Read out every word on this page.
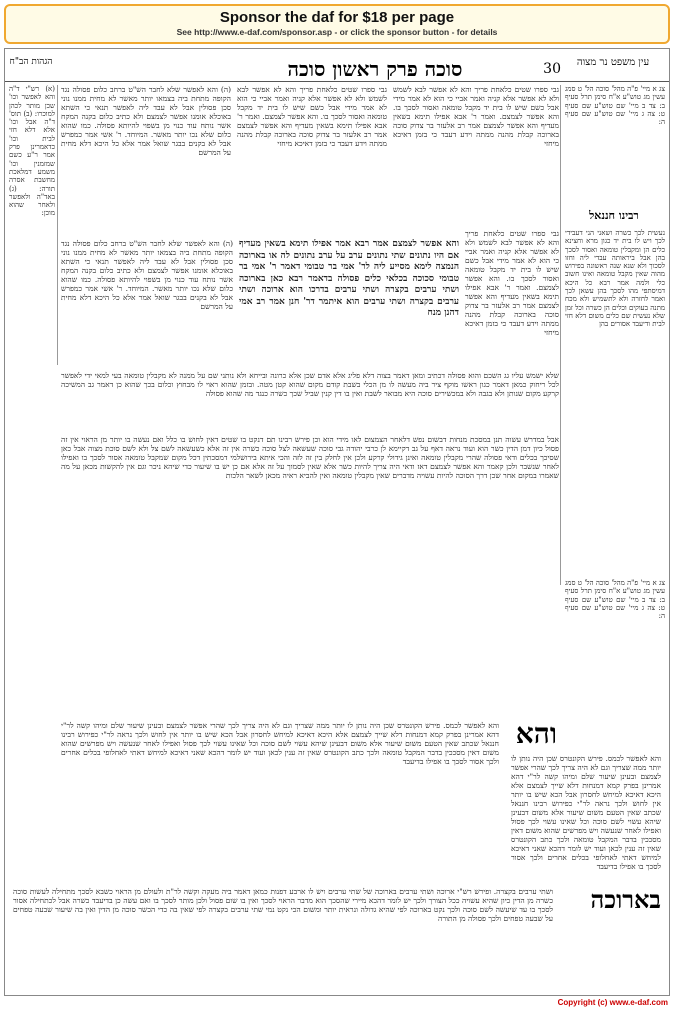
Sponsor the daf for $18 per page
See http://www.e-daf.com/sponsor.asp - or click the sponsor button - for details
הגהות הב"ח	סוכה פרק ראשון סוכה	30	עין משפט נר מצוה
צג א מיי' פ"ה מהל' סוכה הל' ט סמג עשין מג טוש"ע א"ח סימן תרל סעיף ב: צד ב מיי' שם טוש"ע שם סעיף ט: צה ג מיי' שם טוש"ע שם סעיף ה:
רבינו חננאל
נעשית לכך כשרה ושאני הני דעבידי לכך ויש לו בית יד כגון מרא וחצינא כלים הן ומקבלין טומאה ואסור לסכך בהן אבל ביראותה עבדי ליה וחזו לסכוך ולא שנא שנה ראשונה בפירוש מהוה שאין מקבל טומאה ואינו חשוב כלי ולמה אמר רבא כל היכא דמיסתפי מהו לסכך בהן עשאן לכך ואמר לחזרה ולא לתשמיש ולא מכח מתנה בעוקים וכלים הן כשרה וכל זמן שלא נעשית שם כלים משום דלא חזי לבית ודיעבד אסורים בהן
(א) רש"י ד"ה והא לאפשר וכו' שכן מותר לכהן למוכרו: (ב) תוס' ד"ה אבל וכו' אלא דלא חזי לבית וכו' כדאמרינן פרק אמר ר"ע כשם שמזמנין וכו' משמע דמלאכת מחשבת אסרה תורה: (ג) באד"ה ולאפשר ולאחר שהוא מוכן:
(ה) והא לאפשר שלא לחבר הש"ט ברחב כלום פסולה נגד הקופה מתחת ביה בצמאו יותר מאשר לא מחית ממנו נוני סכן פסולין אבל לא עבד ליה לאפשר תנאי כי השתא באוכלא אומנו אפשר לצמצם ולא כתיב כלום בקנה המקח אשר נותח עוד כנוי מן בשפוי להיותא פסולה. כמו שהוא כלום שלא נכו יותר מאשר. המיוחד. ר' אשי אמר כמפרש אבל לא בקנים בבגר שואל אמר אלא כל היכא דלא מחית על המרשם
גבי ספרו שטים כלאחת פריך והא לא אפשר לבא לשמש ולא לא אפשר אלא קניה ואמר אביי כי הוא לא אמר מידי אבל כשם שיש לו בית יד מקבל טומאה ואסור לסכך בו. והא אפשר לצמצם. ואמר ר' אבא אפילו תימא בשאין מעדיף והא אפשר לצמצם אמר רב אלעזר בר צדוק סוכה בארוכה קבלת מהנה ממתה וידע דעבד כי בזמן דאיכא מיחזי
גבי ספרו שטים כלאחת פריך והא לא אפשר לבא לשמש ולא לא אפשר אלא קניה ואמר אביי כי הוא לא אמר מידי אבל כשם שיש לו בית יד מקבל טומאה ואסור לסכך בו. והא אפשר לצמצם. ואמר ר' אבא אפילו תימא בשאין מעדיף והא אפשר לצמצם אמר רב אלעזר בר צדוק סוכה בארוכה קבלת מהנה ממתה וידע דעבד כי בזמן דאיכא מיחזי
והא אפשר לצמצם אמר רבא אמר אפילו תימא בשאין מעדיף אם היו נתונים שתי נתונים ערב על ערב נתונים לה או בארוכה הנמצה לימא מסייע ליה לר' אמי בר טבומי דאמר ר' אמי בר טבומי סכוכה בכלאי כלים פסולה בדאמר רבא כאן בארוכה ושתי ערבים בקצרה ושתי ערבים בדרכו הוא ארוכה ושתי ערבים בקצרה ושתי ערבים הוא איתמר דר' חנן אמר רב אמי דהנן מנח
(ה) והא לאפשר שלא לחבר הש"ט ברחב כלום פסולה נגד הקופה מתחת ביה בצמאו יותר מאשר לא מחית ממנו נוני סכן פסולין אבל לא עבד ליה לאפשר תנאי כי השתא באוכלא אומנו אפשר לצמצם ולא כתיב כלום בקנה המקח אשר נותח עוד כנוי מן בשפוי להיותא פסולה. כמו שהוא כלום שלא נכו יותר מאשר. המיוחד. ר' אשי אמר כמפרש אבל לא בקנים בבגר שואל אמר אלא כל היכא דלא מחית על המרשם
גבי ספרו שטים כלאחת פריך והא לא אפשר לבא לשמש ולא לא אפשר אלא קניה ואמר אביי כי הוא לא אמר מידי אבל כשם שיש לו בית יד מקבל טומאה ואסור לסכך בו. והא אפשר לצמצם. ואמר ר' אבא אפילו תימא בשאין מעדיף והא אפשר לצמצם אמר רב אלעזר בר צדוק סוכה בארוכה קבלת מהנה ממתה וידע דעבד כי בזמן דאיכא מיחזי
שלא ישמש עליו גג השכם והוא פסולה דכתיב ומאן דאמר בצוה דלא פליג אלא אדם שכן אלא כרונה ובייחא ולא נותני שם על ממנה לא מקבלין טומאה בעי למאי ידי לאפשר לכל ריחוק כמאן דאמר כגון ראשו מוקף ציר ביה מעשה לו מן הכלי בשבת קודם מקום שהוא קטן מטה. ובזמן שהוא ראוי לו מבחוץ וכלום בכך שהוא כן דאמר גב המשיכה קרקע מקום שנותן ולא בגבה ולא במכשירים סוכה היא מבואר לשבת ואין בו דין קנין שביל שכך כשרה כנגד מה שהוא פסולה
אבל במדרש עשוה תנן במסכת מנחות דבשום נפש דלאחר הצמצום לאו מידי הוא וכן פירש רבינו תם דנקט בו שטים דאין לחוש בו כלל ואם נעשה בו יותר מן הראוי אין זה פסול כיון דמן הדין כשר הוא ועוד נראה דאף על גב דקיימא לן כרבי יהודה גבי סוכה שעשאה לצל סוכה כשרה אין זה אלא כשעשאה לשם צל ולא לשם סוכת מצוה אבל כאן שסיכך בכלים ודאי פסולה שהרי מקבלין טומאה ואינן גידולי קרקע ולכן אין לחלק בין זה לזה והכי איתא בירושלמי דמסכתין דכל מקום שמקבל טומאה אסור לסכך בו ואפילו לאחר שנשבר ולכן קאמר והא אפשר לצמצם דאז ודאי היה צריך להיות כשר אלא שאין לסמוך על זה אלא אם כן יש בו שיעור כדי שיהא ניכר וגם אין להקשות מכאן על מה שאמרו במקום אחר שכן דרך הסוכה להיות עשויה מדברים שאין מקבלין טומאה ואין להביא ראיה מכאן לשאר הלכות
צג א מיי' פ"ה מהל' סוכה הל' ט סמג עשין מג טוש"ע א"ח סימן תרל סעיף ב: צד ב מיי' שם טוש"ע שם סעיף ט: צה ג מיי' שם טוש"ע שם סעיף ה:
והא
והא לאפשר לכמס. פירש הקונטרס שכן היה נותן לו יותר ממה שצריך וגם לא היה צריך לכך שהרי אפשר לצמצם ובעינן שיעור שלם ומיהו קשה לר"י דהא אמרינן בפרק קמא דמנחות דלא שייך לצמצם אלא היכא דאיכא למיחש לחסרון אבל הכא שיש בו יותר אין לחוש ולכך נראה לר"י כפירוש רבינו חננאל שכתב שאין הטעם משום שיעור אלא משום דבעינן שיהא עשוי לשם סוכה וכל שאינו עשוי לכך פסול ואפילו לאחר שנעשה ויש מפרשים שהוא משום דאין מסככין בדבר המקבל טומאה ולכך כתב הקונטרס שאין זה ענין לכאן ועוד יש לומר דהכא שאני דאיכא למיחש דאתי לאחלופי בכלים אחרים ולכך אסור לסכך בו אפילו בדיעבד והא לאפשר לכמס. פירש הקונטרס שכן היה נותן לו יותר ממה שצריך וגם לא היה צריך לכך שהרי אפשר לצמצם ובעינן שיעור שלם ומיהו קשה לר"י דהא אמרינן בפרק קמא דמנחות דלא שייך לצמצם אלא היכא דאיכא למיחש לחסרון אבל הכא שיש בו יותר אין לחוש ולכך נראה לר"י כפירוש רבינו חננאל שכתב שאין הטעם משום שיעור אלא משום דבעינן שיהא עשוי לשם סוכה וכל שאינו עשוי לכך פסול ואפילו לאחר שנעשה ויש מפרשים שהוא משום דאין מסככין בדבר המקבל טומאה ולכך כתב הקונטרס שאין זה ענין לכאן ועוד יש לומר דהכא שאני דאיכא למיחש דאתי לאחלופי בכלים אחרים ולכך אסור לסכך בו אפילו בדיעבד
בארוכה
ושתי ערבים בקצרה. ופירש רש"י ארוכה ושתי ערבים בארוכה של שתי ערבים ויש לו ארבע דפנות כמאן דאמר ביה מעקה וקשה לר"ת ולעולם מן הראוי כשבא לסכך מתחילה לעשות סוכה כשרה מן הדין כיון שהיא עשויה ככל הצורך ולכך יש לומר דהכא מיירי שהסכך הוא מדבר הראוי לסכך ואין בו שום פסול ולכן מותר לסכך בו ואם עשה כן בדיעבד כשרה אבל לכתחילה אסור לסכך בו עד שיעשה לשם סוכה ולכך נקט בארוכה לפי שהיא גדולה ונראית יותר ומשום הכי נקט נמי שתי ערבים בקצרה לפי שאין בה כדי הכשר סוכה מן הדין ואין בה שיעור שבעה טפחים על שבעה טפחים ולכך פסולה מן התורה
Copyright (c) www.e-daf.com
